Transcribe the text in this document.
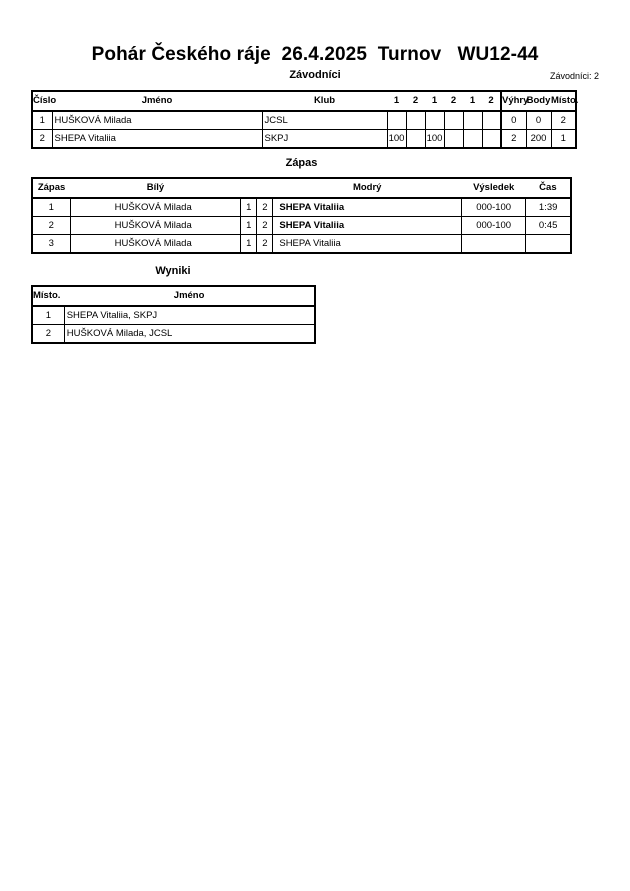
Pohár Českého ráje  26.4.2025  Turnov   WU12-44
Závodníci	Závodníci: 2
Číslo	Jméno	Klub	1	2	1	2	1	2	Výhry	Body	Místo.
1	HUŠKOVÁ Milada	JCSL							0	0	2
2	SHEPA Vitaliia	SKPJ	100		100				2	200	1
Zápas
Zápas	Bílý			Modrý	Výsledek	Čas
1	HUŠKOVÁ Milada	1	2	SHEPA Vitaliia	000-100	1:39
2	HUŠKOVÁ Milada	1	2	SHEPA Vitaliia	000-100	0:45
3	HUŠKOVÁ Milada	1	2	SHEPA Vitaliia		
Wyniki
Místo.	Jméno
1	SHEPA Vitaliia, SKPJ
2	HUŠKOVÁ Milada, JCSL
